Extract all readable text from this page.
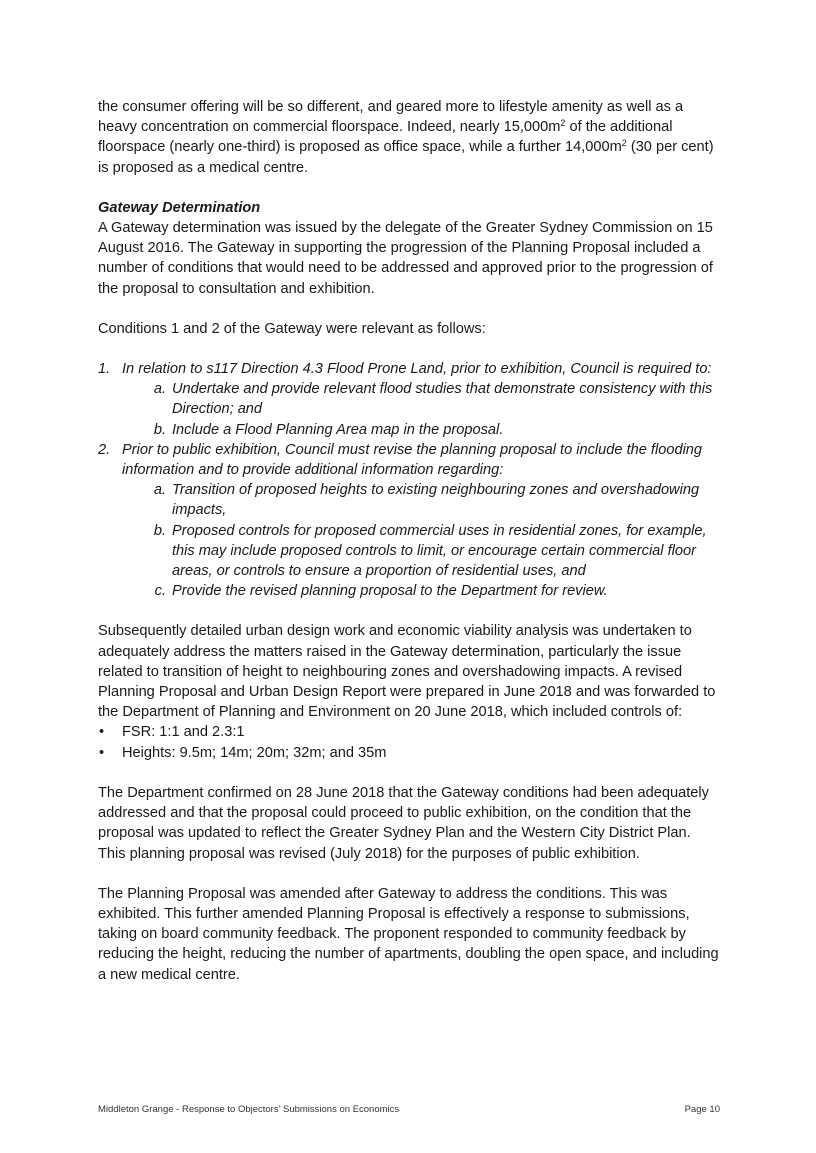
the consumer offering will be so different, and geared more to lifestyle amenity as well as a heavy concentration on commercial floorspace. Indeed, nearly $15,000m^2$ of the additional floorspace (nearly one-third) is proposed as office space, while a further $14,000m^2$ (30 per cent) is proposed as a medical centre.

Gateway Determination

A Gateway determination was issued by the delegate of the Greater Sydney Commission on 15 August 2016. The Gateway in supporting the progression of the Planning Proposal included a number of conditions that would need to be addressed and approved prior to the progression of the proposal to consultation and exhibition.

Conditions 1 and 2 of the Gateway were relevant as follows:

1. In relation to s117 Direction 4.3 Flood Prone Land, prior to exhibition, Council is required to:
a. Undertake and provide relevant flood studies that demonstrate consistency with this Direction; and
b. Include a Flood Planning Area map in the proposal.
2. Prior to public exhibition, Council must revise the planning proposal to include the flooding information and to provide additional information regarding:
a. Transition of proposed heights to existing neighbouring zones and overshadowing impacts,
b. Proposed controls for proposed commercial uses in residential zones, for example, this may include proposed controls to limit, or encourage certain commercial floor areas, or controls to ensure a proportion of residential uses, and
c. Provide the revised planning proposal to the Department for review.

Subsequently detailed urban design work and economic viability analysis was undertaken to adequately address the matters raised in the Gateway determination, particularly the issue related to transition of height to neighbouring zones and overshadowing impacts. A revised Planning Proposal and Urban Design Report were prepared in June 2018 and was forwarded to the Department of Planning and Environment on 20 June 2018, which included controls of:

• FSR: 1:1 and 2.3:1
• Heights: 9.5m; 14m; 20m; 32m; and 35m

The Department confirmed on 28 June 2018 that the Gateway conditions had been adequately addressed and that the proposal could proceed to public exhibition, on the condition that the proposal was updated to reflect the Greater Sydney Plan and the Western City District Plan. This planning proposal was revised (July 2018) for the purposes of public exhibition.

The Planning Proposal was amended after Gateway to address the conditions. This was exhibited. This further amended Planning Proposal is effectively a response to submissions, taking on board community feedback. The proponent responded to community feedback by reducing the height, reducing the number of apartments, doubling the open space, and including a new medical centre.

Middleton Grange - Response to Objectors’ Submissions on Economics	Page 10
